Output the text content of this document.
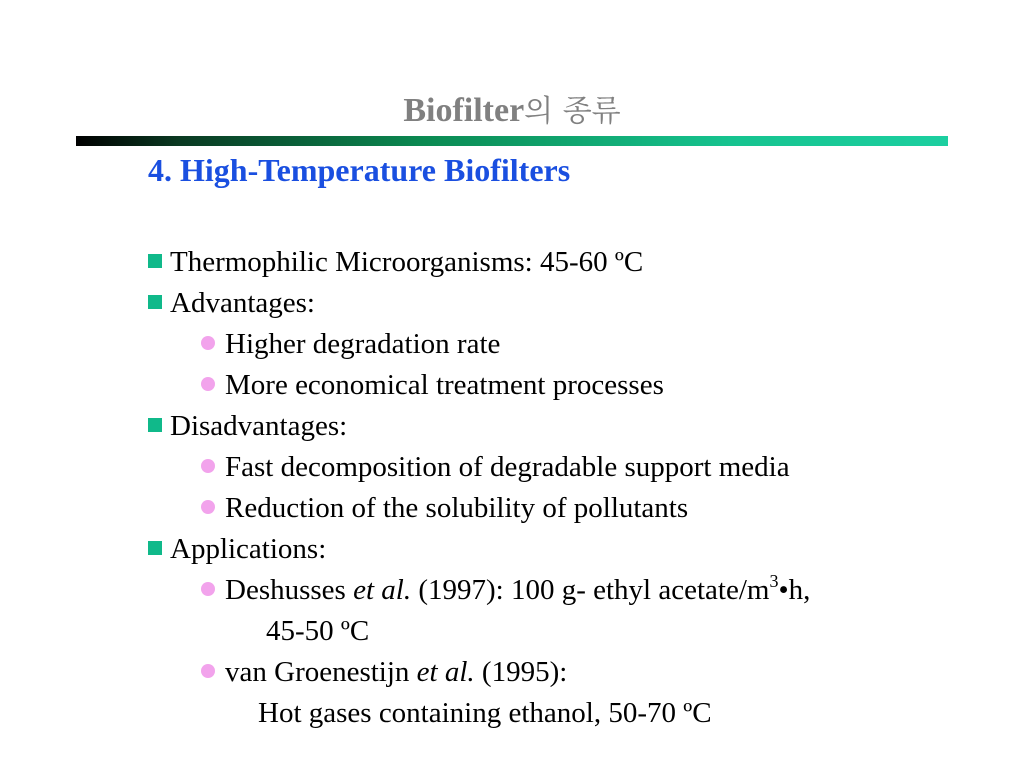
Biofilter의 종류
4. High-Temperature Biofilters
Thermophilic Microorganisms: 45-60 ºC
Advantages:
Higher degradation rate
More economical treatment processes
Disadvantages:
Fast decomposition of degradable support media
Reduction of the solubility of pollutants
Applications:
Deshusses et al. (1997): 100 g- ethyl acetate/$m^3•h$,
45-50 ºC
van Groenestijn et al. (1995):
Hot gases containing ethanol, 50-70 ºC
